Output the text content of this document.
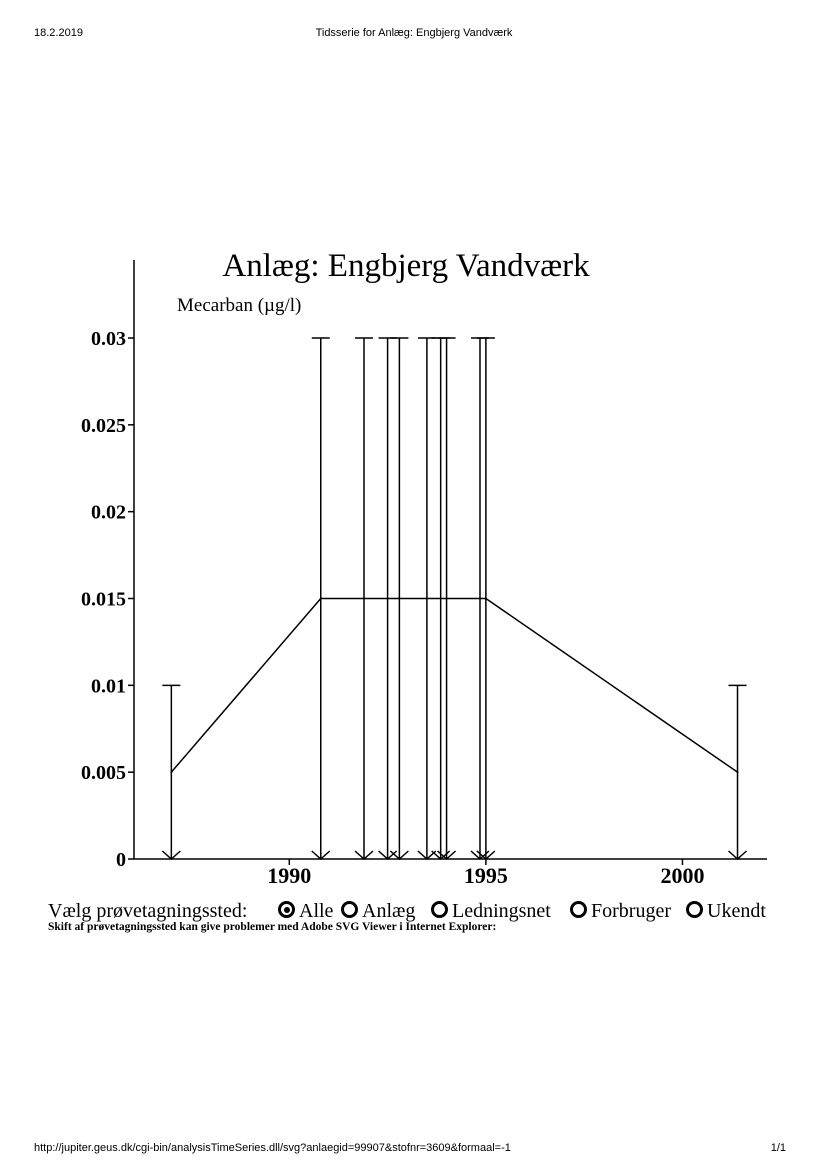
18.2.2019	Tidsserie for Anlæg: Engbjerg Vandværk
Anlæg: Engbjerg Vandværk
Mecarban (µg/l)
0
0.005
0.01
0.015
0.02
0.025
0.03
1990	1995	2000
Vælg prøvetagningssted:	Alle	Anlæg	Ledningsnet	Forbruger	Ukendt
Skift af prøvetagningssted kan give problemer med Adobe SVG Viewer i Internet Explorer:
http://jupiter.geus.dk/cgi-bin/analysisTimeSeries.dll/svg?anlaegid=99907&stofnr=3609&formaal=-1	1/1
